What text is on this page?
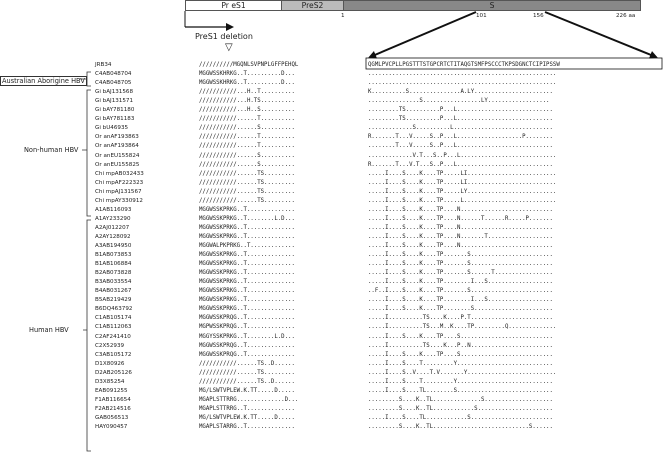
Pr eS1	PreS2	S
1	101	156	226 aa
PreS1 deletion
▽
Australian Aborigine HBV
Non-human HBV
Human HBV
JRB34	//////////MGQNLSVPNPLGFFPEHQL	QGMLPVCPLLPGSTTTSTGPCRTCTITAQGTSMFPSCCCTKPSDGNCTCIPIPSSW
C4AB048704	MGGWSSKHRKG..T..........D...	.......................................................
C4AB048705	MGGWSSKHRKG..T..........D...	.......................................................
Gi bAJ131568	///////////...H..T..........	K..........S...............A.LY.......................
Gi bAJ131571	///////////...H.TS..........	...............S.................LY..................
Gi bAY781180	///////////...H..S..........	.........TS..........P...L............................
Gi bAY781183	///////////......T..........	.........TS..........P...L............................
Gi bU46935	///////////......S..........	.............S..........L.............................
Or anAF193863	///////////......T..........	R.......T...V.....S..P...L...................P........
Or anAF193864	///////////......T..........	........T...V.....S..P...L............................
Or anEU155824	///////////......S..........	.............V.T...S..P...L............................
Or anEU155825	///////////......S..........	R.......T...V.T...S..P...L............................
Chi mpAB032433	///////////......TS.........	.....I....S....K....TP.....LI..........................
Chi mpAF222323	///////////......TS.........	.....I....S....K....TP.....LI..........................
Chi mpAJ131567	///////////......TS.........	.....I....S....K....TP.....LY..........................
Chi mpAY330912	///////////......TS.........	.....I....S....K....TP.....L...........................
A1AB116093	MGGWSSKPRKG..T..............	.....I....S....K....TP....N...........................
A1AY233290	MGGWSSKPRKG..T........L.D...	.....I....S....K....TP....N......T......R.....P.......
A2AJ012207	MGGWSSKPRKG..T..............	.....I....S....K....TP....N...........................
A2AY128092	MGGWSSKPRKG..T..............	.....I....S....K....TP....N.......T...................
A3AB194950	MGGWALPKPRKG..T.............	.....I....S....K....TP....N...........................
B1AB073853	MGGWSSKPRKG..T..............	.....I....S....K....TP.......S........................
B1AB106884	MGGWSSKPRKG..T..............	.....I....S....K....TP.......S........................
B2AB073828	MGGWSSKPRKG..T..............	.....I....S....K....TP.......S......T.................
B3AB033554	MGGWSSKPRKG..T..............	.....I....S....K....TP........I...S...................
B4AB031267	MGGWSSKPRKG..T..............	..F..I....S....K....TP.......S........................
B5AB219429	MGGWSSKPRKG..T..............	.....I....S....K....TP........I...S...................
B6DQ463792	MGGWSSKPRKG..T..............	.....I....S....K....TP........S.......................
C1AB105174	MGGWSSKPRQG..T..............	.....I..........TS....K....P.T........................
C1AB112063	MGPWSSKPRQG..T..............	.....I..........TS...M..K....TP.........Q..............
C2AF241410	MGGYSSKPRKG..T........L.D...	.....I....S....K....TP....S...........................
C2X52939	MGGWSSKPRQG..T..............	.....I..........TS....K...P..N........................
C3AB105172	MGGWSSKPRQG..T..............	.....I....S....K....TP....S...........................
D1X80926	///////////......TS..D......	.....I....S....T.........Y............................
D2AB205126	///////////......TS.........	.....I....S..V....T.V.......Y..........................
D3X85254	///////////......TS..D......	.....I....S....T.........Y............................
EAB091255	MG/LSWTVPLEW.K.TT.....D.....	.....I....S....TL........S............................
F1AB116654	MGAPLSTTRRG..............D...	.........S....K..TL..............S....................
F2AB214516	MGAPLSTTRRG..T..............	.........S....K..TL............S......................
GAB056513	MG/LSWTVPLEW.K.TT.....D.....	.....I....S....TL............S........................
HAY090457	MGAPLSTARRG..T..............	.........S....K..TL............................S......
